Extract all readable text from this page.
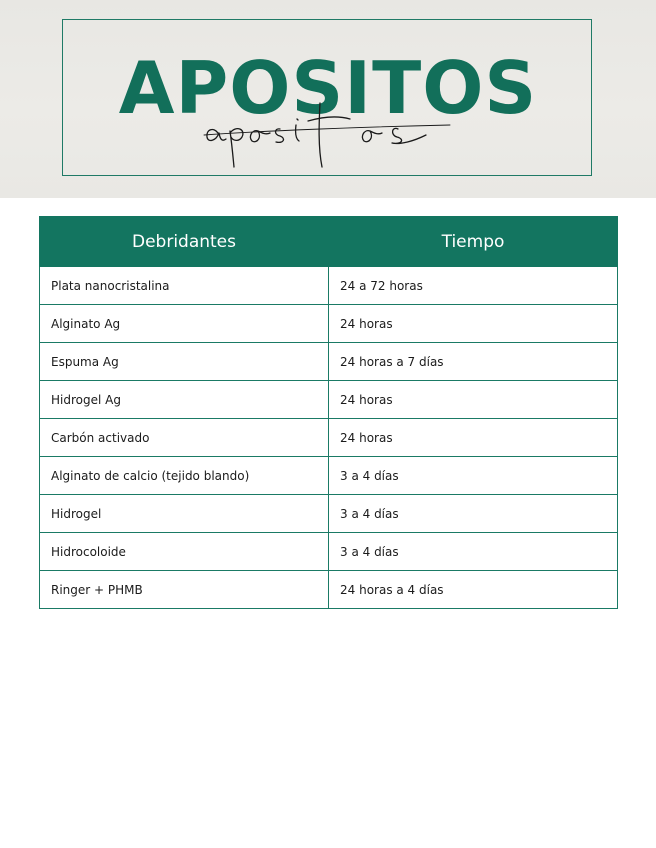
APOSITOS
Debridantes	Tiempo
Plata nanocristalina	24 a 72 horas
Alginato Ag	24 horas
Espuma Ag	24 horas a 7 días
Hidrogel Ag	24 horas
Carbón activado	24 horas
Alginato de calcio (tejido blando)	3 a 4 días
Hidrogel	3 a 4 días
Hidrocoloide	3 a 4 días
Ringer + PHMB	24 horas a 4 días
